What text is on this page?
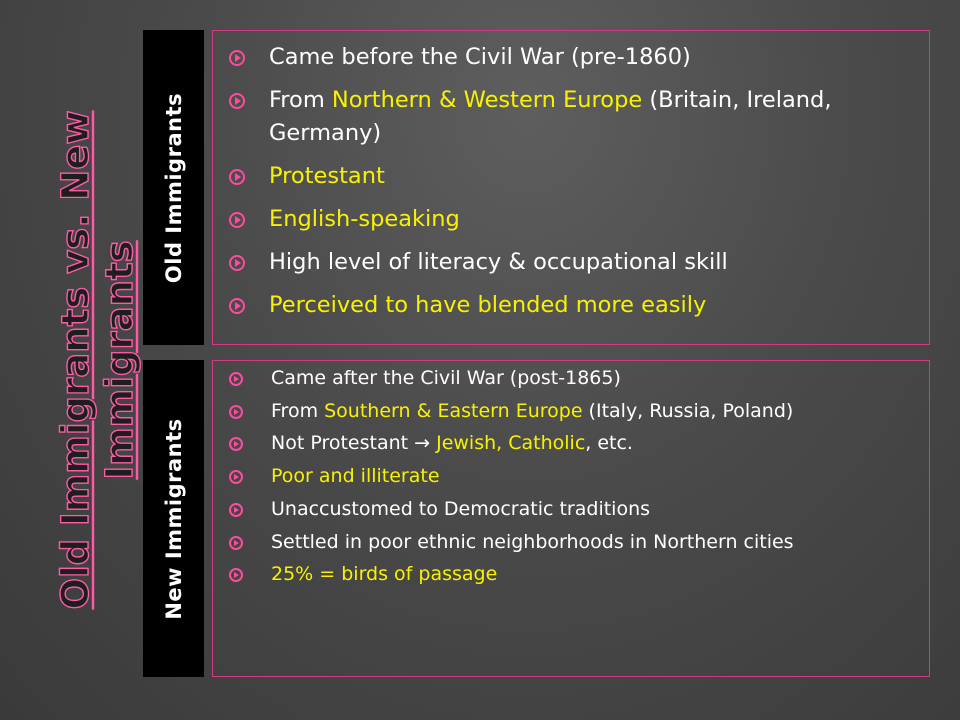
Old Immigrants vs. New Immigrants
Old Immigrants
Came before the Civil War (pre-1860)
From Northern & Western Europe (Britain, Ireland, Germany)
Protestant
English-speaking
High level of literacy & occupational skill
Perceived to have blended more easily
New Immigrants
Came after the Civil War (post-1865)
From Southern & Eastern Europe (Italy, Russia, Poland)
Not Protestant → Jewish, Catholic, etc.
Poor and illiterate
Unaccustomed to Democratic traditions
Settled in poor ethnic neighborhoods in Northern cities
25% = birds of passage
